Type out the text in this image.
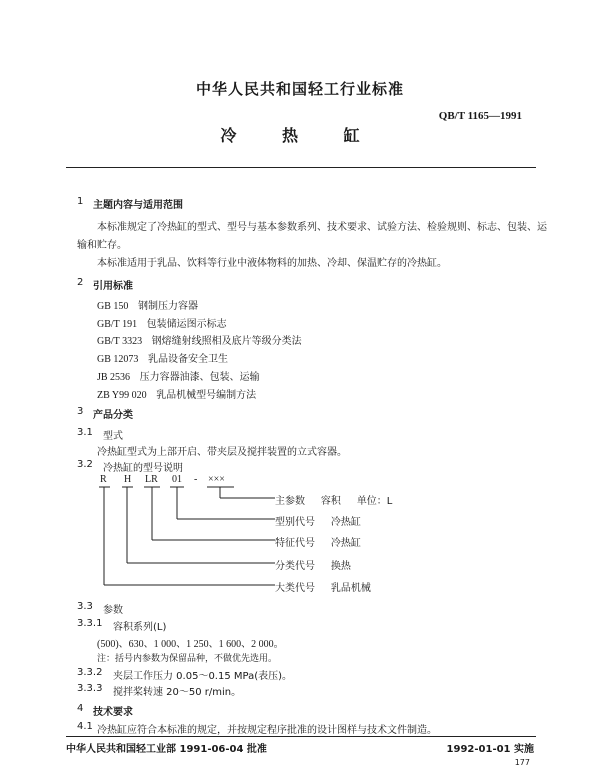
中华人民共和国轻工行业标准
QB/T 1165—1991
冷 热 缸
1 主题内容与适用范围
本标准规定了冷热缸的型式、型号与基本参数系列、技术要求、试验方法、检验规则、标志、包装、运
输和贮存。
本标准适用于乳品、饮料等行业中液体物料的加热、冷却、保温贮存的冷热缸。
2 引用标准
GB 150 钢制压力容器
GB/T 191 包装储运图示标志
GB/T 3323 钢熔缝射线照相及底片等级分类法
GB 12073 乳品设备安全卫生
JB 2536 压力容器油漆、包装、运输
ZB Y99 020 乳品机械型号编制方法
3 产品分类
3.1 型式
冷热缸型式为上部开启、带夹层及搅拌装置的立式容器。
3.2 冷热缸的型号说明
R H LR 01 - ×××
主参数 容积 单位：L
型别代号 冷热缸
特征代号 冷热缸
分类代号 换热
大类代号 乳品机械
3.3 参数
3.3.1 容积系列(L)
(500)、630、1 000、1 250、1 600、2 000。
注：括号内参数为保留品种，不做优先选用。
3.3.2 夹层工作压力 0.05～0.15 MPa(表压)。
3.3.3 搅拌桨转速 20～50 r/min。
4 技术要求
4.1 冷热缸应符合本标准的规定，并按规定程序批准的设计图样与技术文件制造。
中华人民共和国轻工业部 1991-06-04 批准	1992-01-01 实施
177
